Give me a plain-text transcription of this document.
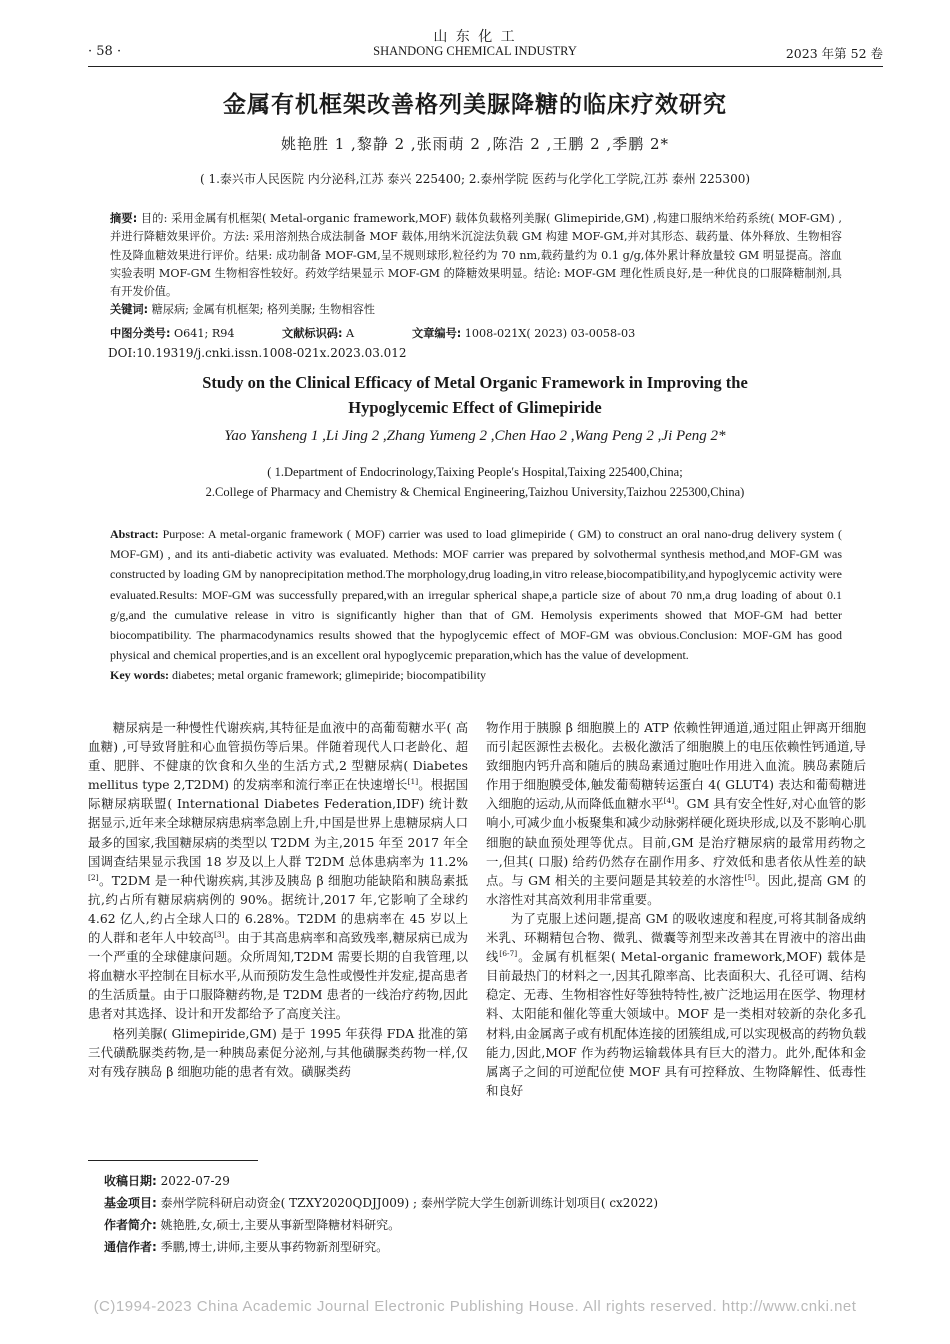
· 58 ·
山 东 化 工
SHANDONG CHEMICAL INDUSTRY	2023 年第 52 卷
金属有机框架改善格列美脲降糖的临床疗效研究
姚艳胜 1 ,黎静 2 ,张雨萌 2 ,陈浩 2 ,王鹏 2 ,季鹏 2*
( 1.泰兴市人民医院 内分泌科,江苏 泰兴 225400; 2.泰州学院 医药与化学化工学院,江苏 泰州 225300)
摘要: 目的: 采用金属有机框架( Metal-organic framework,MOF) 载体负载格列美脲( Glimepiride,GM) ,构建口服纳米给药系统( MOF-GM) ,并进行降糖效果评价。方法: 采用溶剂热合成法制备 MOF 载体,用纳米沉淀法负载 GM 构建 MOF-GM,并对其形态、载药量、体外释放、生物相容性及降血糖效果进行评价。结果: 成功制备 MOF-GM,呈不规则球形,粒径约为 70 nm,载药量约为 0.1 g/g,体外累计释放量较 GM 明显提高。溶血实验表明 MOF-GM 生物相容性较好。药效学结果显示 MOF-GM 的降糖效果明显。结论: MOF-GM 理化性质良好,是一种优良的口服降糖制剂,具有开发价值。
关键词: 糖尿病; 金属有机框架; 格列美脲; 生物相容性
中图分类号: O641; R94	文献标识码: A	文章编号: 1008-021X( 2023) 03-0058-03
DOI:10.19319/j.cnki.issn.1008-021x.2023.03.012
Study on the Clinical Efficacy of Metal Organic Framework in Improving the
Hypoglycemic Effect of Glimepiride
Yao Yansheng 1 ,Li Jing 2 ,Zhang Yumeng 2 ,Chen Hao 2 ,Wang Peng 2 ,Ji Peng 2*
( 1.Department of Endocrinology,Taixing People′s Hospital,Taixing 225400,China;
2.College of Pharmacy and Chemistry & Chemical Engineering,Taizhou University,Taizhou 225300,China)
Abstract: Purpose: A metal-organic framework ( MOF) carrier was used to load glimepiride ( GM) to construct an oral nano-drug delivery system ( MOF-GM) , and its anti-diabetic activity was evaluated. Methods: MOF carrier was prepared by solvothermal synthesis method,and MOF-GM was constructed by loading GM by nanoprecipitation method.The morphology,drug loading,in vitro release,biocompatibility,and hypoglycemic activity were evaluated.Results: MOF-GM was successfully prepared,with an irregular spherical shape,a particle size of about 70 nm,a drug loading of about 0.1 g/g,and the cumulative release in vitro is significantly higher than that of GM. Hemolysis experiments showed that MOF-GM had better biocompatibility. The pharmacodynamics results showed that the hypoglycemic effect of MOF-GM was obvious.Conclusion: MOF-GM has good physical and chemical properties,and is an excellent oral hypoglycemic preparation,which has the value of development.
Key words: diabetes; metal organic framework; glimepiride; biocompatibility

糖尿病是一种慢性代谢疾病,其特征是血液中的高葡萄糖水平( 高血糖) ,可导致肾脏和心血管损伤等后果。伴随着现代人口老龄化、超重、肥胖、不健康的饮食和久坐的生活方式,2 型糖尿病( Diabetes mellitus type 2,T2DM) 的发病率和流行率正在快速增长[1]。根据国际糖尿病联盟( International Diabetes Federation,IDF) 统计数据显示,近年来全球糖尿病患病率急剧上升,中国是世界上患糖尿病人口最多的国家,我国糖尿病的类型以 T2DM 为主,2015 年至 2017 年全国调查结果显示我国 18 岁及以上人群 T2DM 总体患病率为 11.2%[2]。T2DM 是一种代谢疾病,其涉及胰岛 β 细胞功能缺陷和胰岛素抵抗,约占所有糖尿病病例的 90%。据统计,2017 年,它影响了全球约 4.62 亿人,约占全球人口的 6.28%。T2DM 的患病率在 45 岁以上的人群和老年人中较高[3]。由于其高患病率和高致残率,糖尿病已成为一个严重的全球健康问题。众所周知,T2DM 需要长期的自我管理,以将血糖水平控制在目标水平,从而预防发生急性或慢性并发症,提高患者的生活质量。由于口服降糖药物,是 T2DM 患者的一线治疗药物,因此患者对其选择、设计和开发都给予了高度关注。

格列美脲( Glimepiride,GM) 是于 1995 年获得 FDA 批准的第三代磺酰脲类药物,是一种胰岛素促分泌剂,与其他磺脲类药物一样,仅对有残存胰岛 β 细胞功能的患者有效。磺脲类药

物作用于胰腺 β 细胞膜上的 ATP 依赖性钾通道,通过阻止钾离开细胞而引起医源性去极化。去极化激活了细胞膜上的电压依赖性钙通道,导致细胞内钙升高和随后的胰岛素通过胞吐作用进入血流。胰岛素随后作用于细胞膜受体,触发葡萄糖转运蛋白 4( GLUT4) 表达和葡萄糖进入细胞的运动,从而降低血糖水平[4]。GM 具有安全性好,对心血管的影响小,可减少血小板聚集和减少动脉粥样硬化斑块形成,以及不影响心肌细胞的缺血预处理等优点。目前,GM 是治疗糖尿病的最常用药物之一,但其( 口服) 给药仍然存在副作用多、疗效低和患者依从性差的缺点。与 GM 相关的主要问题是其较差的水溶性[5]。因此,提高 GM 的水溶性对其高效利用非常重要。

为了克服上述问题,提高 GM 的吸收速度和程度,可将其制备成纳米乳、环糊精包合物、微乳、微囊等剂型来改善其在胃液中的溶出曲线[6-7]。金属有机框架( Metal-organic framework,MOF) 载体是目前最热门的材料之一,因其孔隙率高、比表面积大、孔径可调、结构稳定、无毒、生物相容性好等独特特性,被广泛地运用在医学、物理材料、太阳能和催化等重大领域中。MOF 是一类相对较新的杂化多孔材料,由金属离子或有机配体连接的团簇组成,可以实现极高的药物负载能力,因此,MOF 作为药物运输载体具有巨大的潜力。此外,配体和金属离子之间的可逆配位使 MOF 具有可控释放、生物降解性、低毒性和良好

收稿日期: 2022-07-29
基金项目: 泰州学院科研启动资金( TZXY2020QDJJ009) ; 泰州学院大学生创新训练计划项目( cx2022)
作者简介: 姚艳胜,女,硕士,主要从事新型降糖材料研究。
通信作者: 季鹏,博士,讲师,主要从事药物新剂型研究。
(C)1994-2023 China Academic Journal Electronic Publishing House. All rights reserved. http://www.cnki.net
